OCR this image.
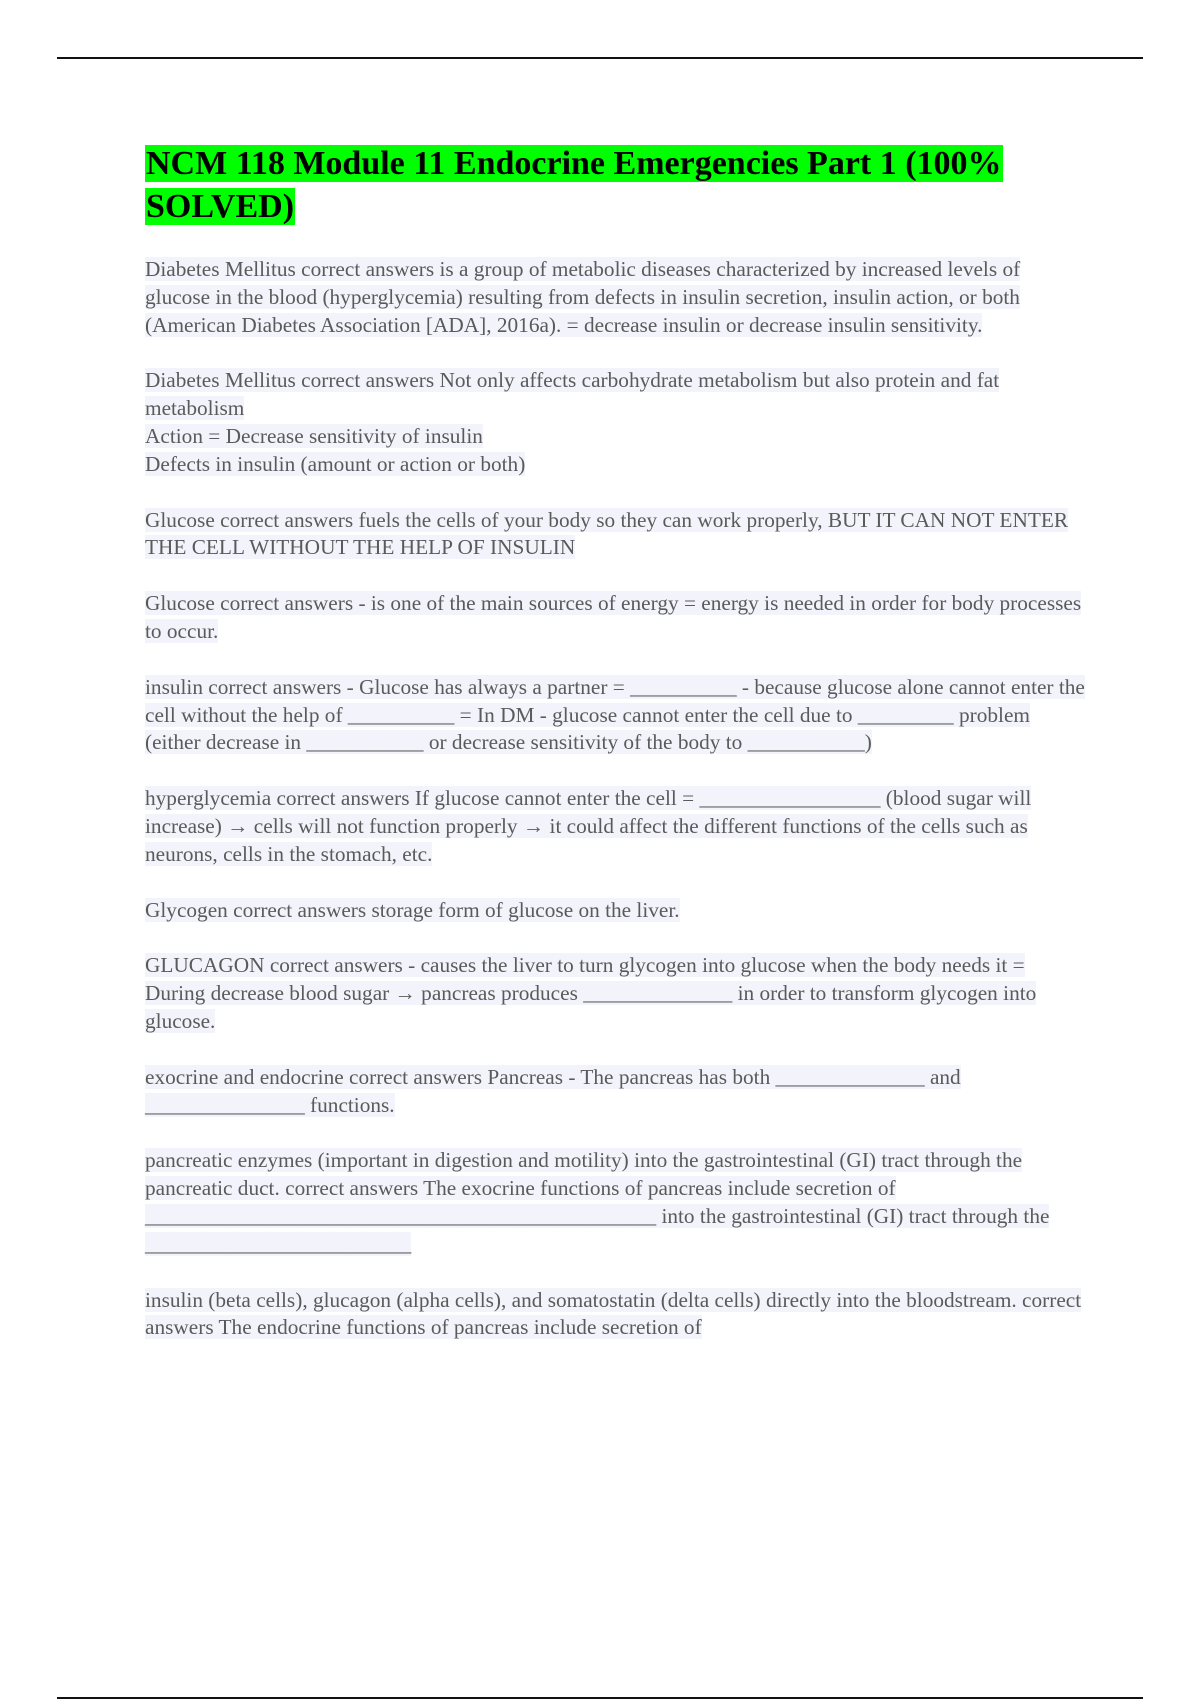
NCM 118 Module 11 Endocrine Emergencies Part 1 (100% SOLVED)

Diabetes Mellitus correct answers is a group of metabolic diseases characterized by increased levels of glucose in the blood (hyperglycemia) resulting from defects in insulin secretion, insulin action, or both (American Diabetes Association [ADA], 2016a). = decrease insulin or decrease insulin sensitivity.

Diabetes Mellitus correct answers Not only affects carbohydrate metabolism but also protein and fat metabolism
Action = Decrease sensitivity of insulin
Defects in insulin (amount or action or both)

Glucose correct answers fuels the cells of your body so they can work properly, BUT IT CAN NOT ENTER THE CELL WITHOUT THE HELP OF INSULIN

Glucose correct answers - is one of the main sources of energy = energy is needed in order for body processes to occur.

insulin correct answers - Glucose has always a partner = __________ - because glucose alone cannot enter the cell without the help of __________ = In DM - glucose cannot enter the cell due to _________ problem (either decrease in ___________ or decrease sensitivity of the body to ___________)

hyperglycemia correct answers If glucose cannot enter the cell = _________________ (blood sugar will increase) → cells will not function properly → it could affect the different functions of the cells such as neurons, cells in the stomach, etc.

Glycogen correct answers storage form of glucose on the liver.

GLUCAGON correct answers - causes the liver to turn glycogen into glucose when the body needs it = During decrease blood sugar → pancreas produces ______________ in order to transform glycogen into glucose.

exocrine and endocrine correct answers Pancreas - The pancreas has both ______________ and _______________ functions.

pancreatic enzymes (important in digestion and motility) into the gastrointestinal (GI) tract through the pancreatic duct. correct answers The exocrine functions of pancreas include secretion of ________________________________________________ into the gastrointestinal (GI) tract through the _________________________

insulin (beta cells), glucagon (alpha cells), and somatostatin (delta cells) directly into the bloodstream. correct answers The endocrine functions of pancreas include secretion of
